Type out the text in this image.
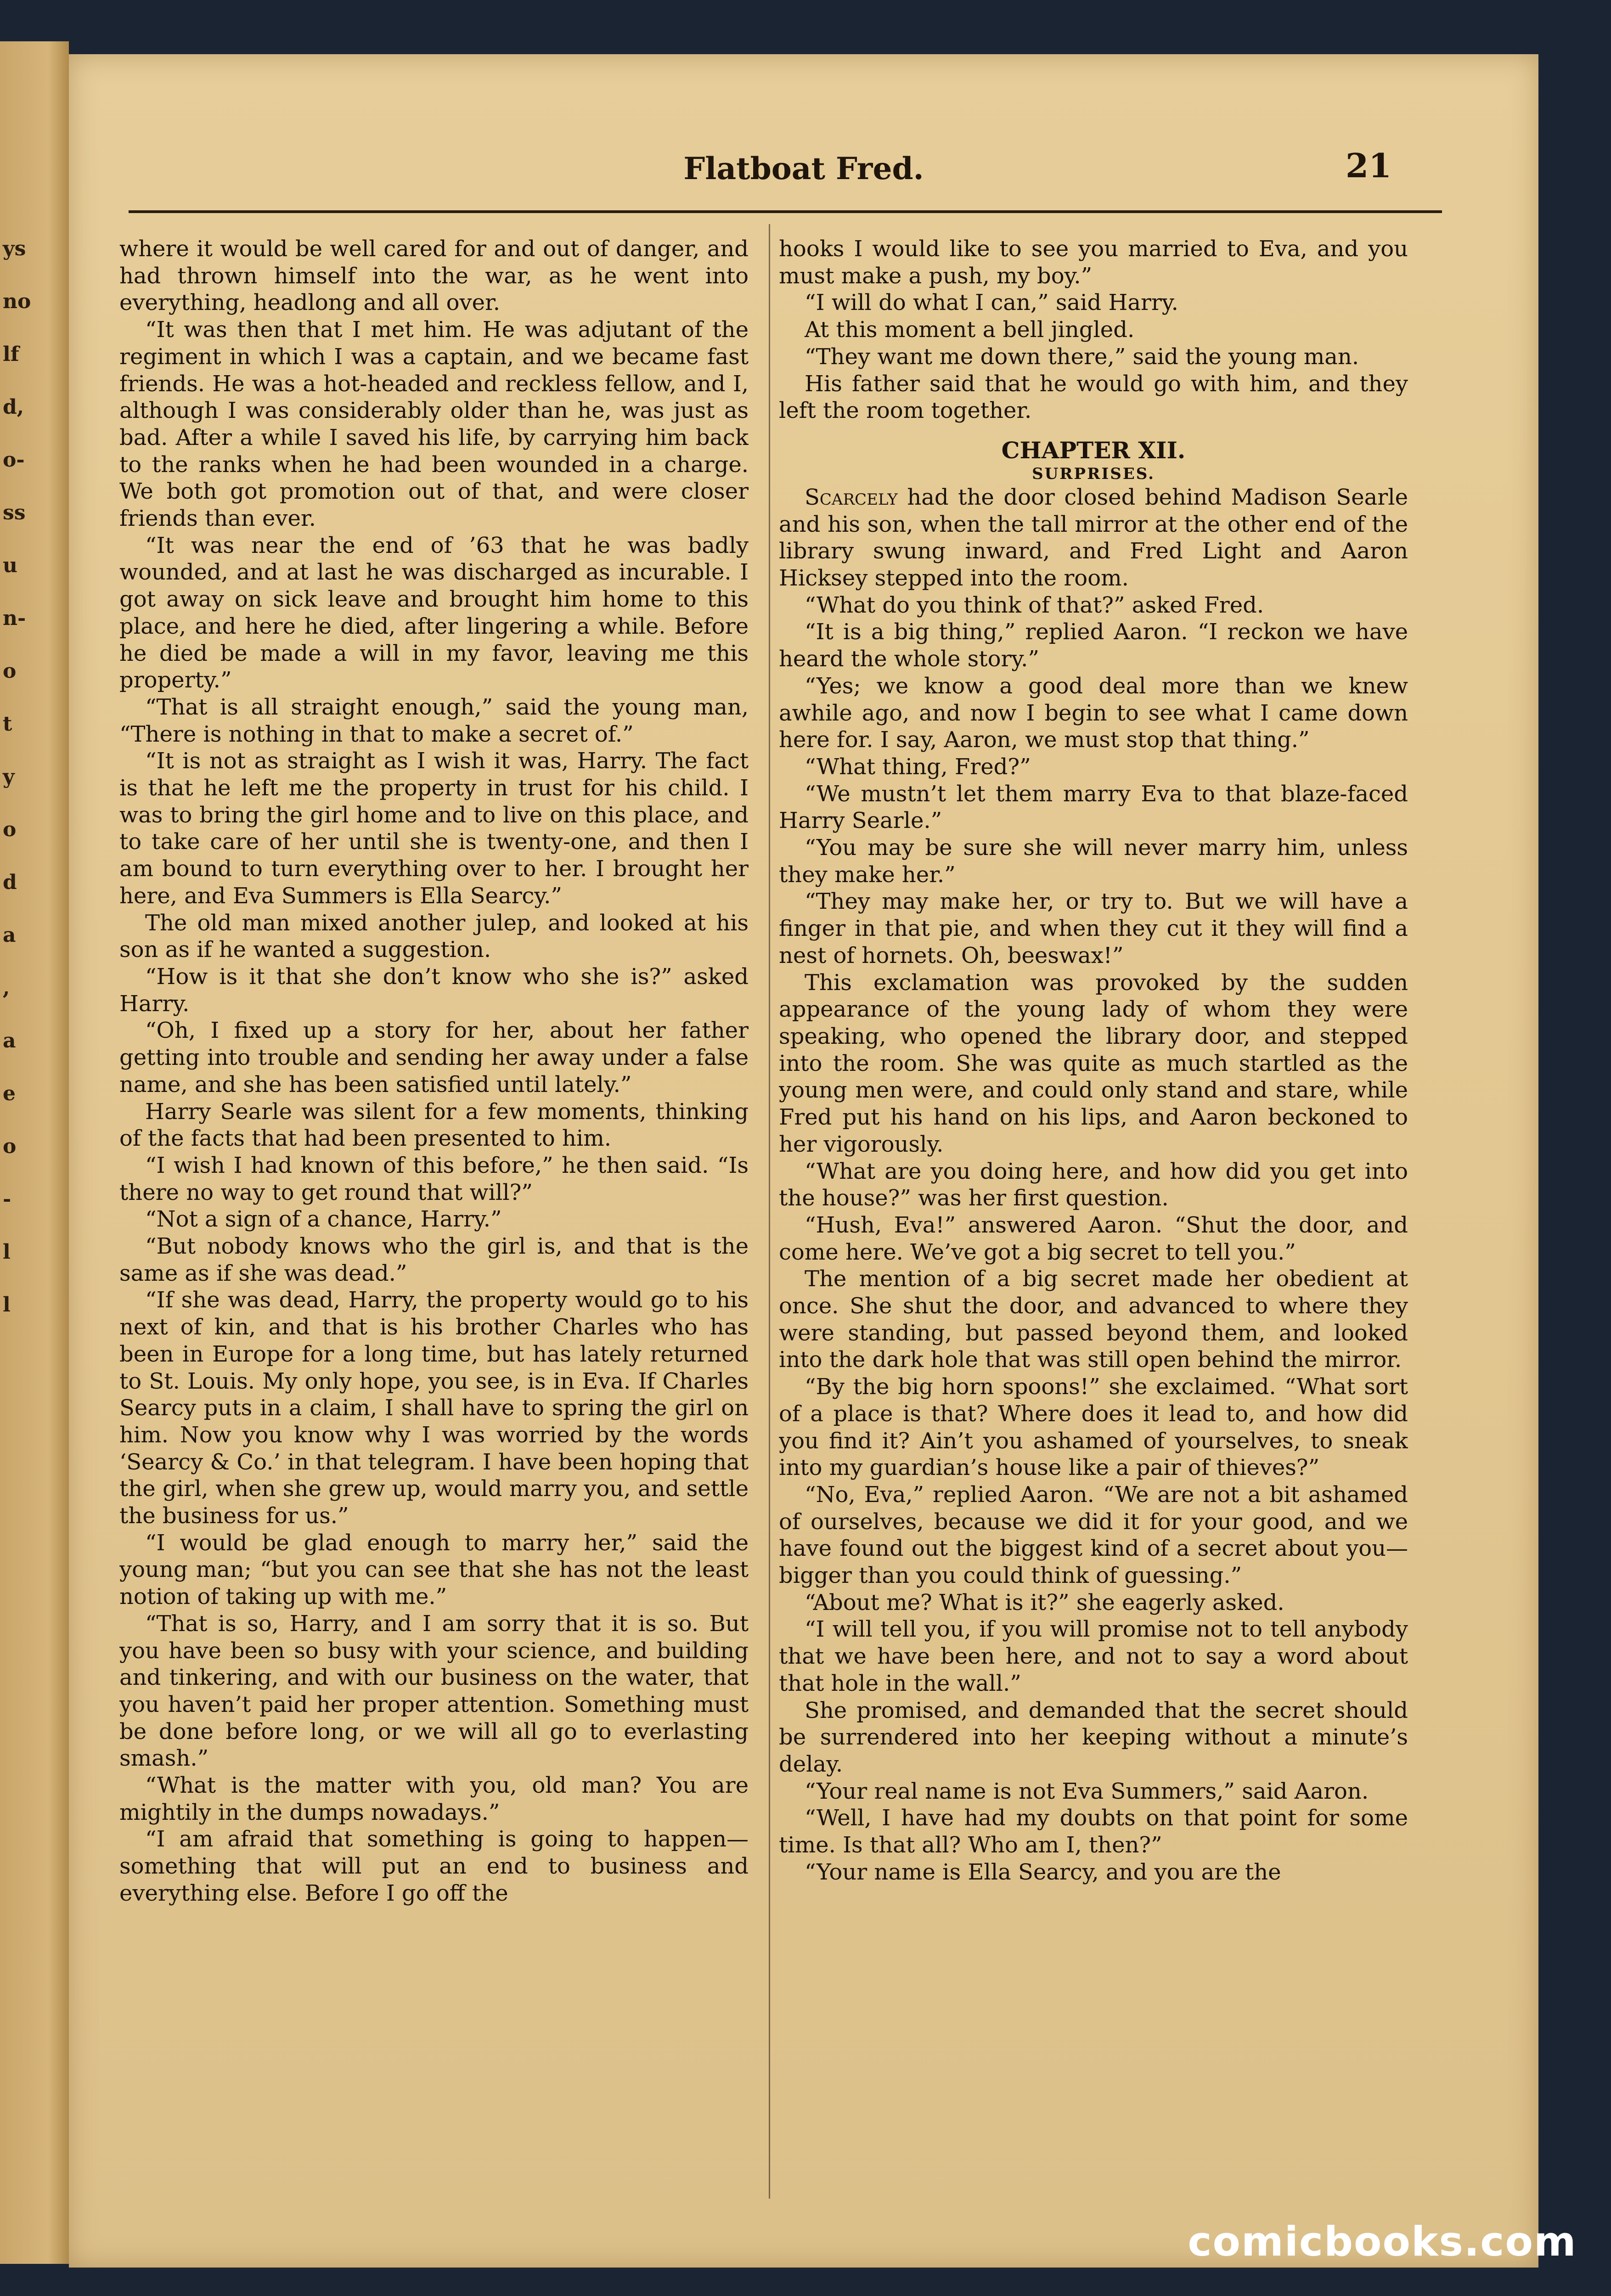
ys
no
lf
d,
o-
ss
u
n-
o
t
y
o
d
a
,
a
e
o
-
l
l
Flatboat Fred.	21

where it would be well cared for and out of danger, and had thrown himself into the war, as he went into everything, headlong and all over.

“It was then that I met him. He was adjutant of the regiment in which I was a captain, and we became fast friends. He was a hot-headed and reckless fellow, and I, although I was considerably older than he, was just as bad. After a while I saved his life, by carrying him back to the ranks when he had been wounded in a charge. We both got promotion out of that, and were closer friends than ever.

“It was near the end of ’63 that he was badly wounded, and at last he was discharged as incurable. I got away on sick leave and brought him home to this place, and here he died, after lingering a while. Before he died be made a will in my favor, leaving me this property.”

“That is all straight enough,” said the young man, “There is nothing in that to make a secret of.”

“It is not as straight as I wish it was, Harry. The fact is that he left me the property in trust for his child. I was to bring the girl home and to live on this place, and to take care of her until she is twenty-one, and then I am bound to turn everything over to her. I brought her here, and Eva Summers is Ella Searcy.”

The old man mixed another julep, and looked at his son as if he wanted a suggestion.

“How is it that she don’t know who she is?” asked Harry.

“Oh, I fixed up a story for her, about her father getting into trouble and sending her away under a false name, and she has been satisfied until lately.”

Harry Searle was silent for a few moments, thinking of the facts that had been presented to him.

“I wish I had known of this before,” he then said. “Is there no way to get round that will?”

“Not a sign of a chance, Harry.”

“But nobody knows who the girl is, and that is the same as if she was dead.”

“If she was dead, Harry, the property would go to his next of kin, and that is his brother Charles who has been in Europe for a long time, but has lately returned to St. Louis. My only hope, you see, is in Eva. If Charles Searcy puts in a claim, I shall have to spring the girl on him. Now you know why I was worried by the words ‘Searcy & Co.’ in that telegram. I have been hoping that the girl, when she grew up, would marry you, and settle the business for us.”

“I would be glad enough to marry her,” said the young man; “but you can see that she has not the least notion of taking up with me.”

“That is so, Harry, and I am sorry that it is so. But you have been so busy with your science, and building and tinkering, and with our business on the water, that you haven’t paid her proper attention. Something must be done before long, or we will all go to everlasting smash.”

“What is the matter with you, old man? You are mightily in the dumps nowadays.”

“I am afraid that something is going to happen—something that will put an end to business and everything else. Before I go off the

hooks I would like to see you married to Eva, and you must make a push, my boy.”

“I will do what I can,” said Harry.

At this moment a bell jingled.

“They want me down there,” said the young man.

His father said that he would go with him, and they left the room together.

CHAPTER XII.
SURPRISES.

Scarcely had the door closed behind Madison Searle and his son, when the tall mirror at the other end of the library swung inward, and Fred Light and Aaron Hicksey stepped into the room.

“What do you think of that?” asked Fred.

“It is a big thing,” replied Aaron. “I reckon we have heard the whole story.”

“Yes; we know a good deal more than we knew awhile ago, and now I begin to see what I came down here for. I say, Aaron, we must stop that thing.”

“What thing, Fred?”

“We mustn’t let them marry Eva to that blaze-faced Harry Searle.”

“You may be sure she will never marry him, unless they make her.”

“They may make her, or try to. But we will have a finger in that pie, and when they cut it they will find a nest of hornets. Oh, beeswax!”

This exclamation was provoked by the sudden appearance of the young lady of whom they were speaking, who opened the library door, and stepped into the room. She was quite as much startled as the young men were, and could only stand and stare, while Fred put his hand on his lips, and Aaron beckoned to her vigorously.

“What are you doing here, and how did you get into the house?” was her first question.

“Hush, Eva!” answered Aaron. “Shut the door, and come here. We’ve got a big secret to tell you.”

The mention of a big secret made her obedient at once. She shut the door, and advanced to where they were standing, but passed beyond them, and looked into the dark hole that was still open behind the mirror.

“By the big horn spoons!” she exclaimed. “What sort of a place is that? Where does it lead to, and how did you find it? Ain’t you ashamed of yourselves, to sneak into my guardian’s house like a pair of thieves?”

“No, Eva,” replied Aaron. “We are not a bit ashamed of ourselves, because we did it for your good, and we have found out the biggest kind of a secret about you—bigger than you could think of guessing.”

“About me? What is it?” she eagerly asked.

“I will tell you, if you will promise not to tell anybody that we have been here, and not to say a word about that hole in the wall.”

She promised, and demanded that the secret should be surrendered into her keeping without a minute’s delay.

“Your real name is not Eva Summers,” said Aaron.

“Well, I have had my doubts on that point for some time. Is that all? Who am I, then?”

“Your name is Ella Searcy, and you are the

comicbooks.com
